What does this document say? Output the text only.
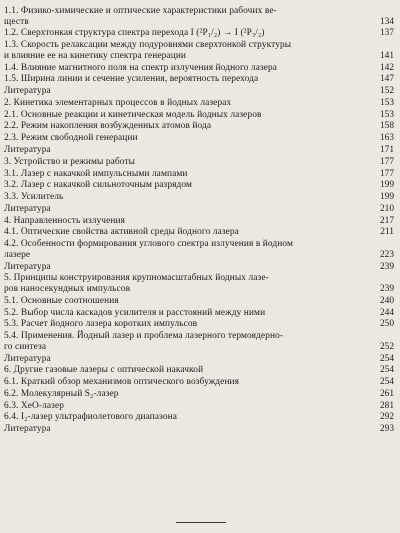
1.1. Физико-химические и оптические характеристики рабочих ве-
ществ	134
1.2. Сверхтонкая структура спектра перехода I (²P₁/₂) → I (²P₃/₂)	137
1.3. Скорость релаксации между подуровнями сверхтонкой структуры
и влияние ее на кинетику спектра генерации	141
1.4. Влияние магнитного поля на спектр излучения йодного лазера	142
1.5. Ширина линии и сечение усиления, вероятность перехода	147
Литература	152
2. Кинетика элементарных процессов в йодных лазерах	153
2.1. Основные реакции и кинетическая модель йодных лазеров	153
2.2. Режим накопления возбужденных атомов йода	158
2.3. Режим свободной генерации	163
Литература	171
3. Устройство и режимы работы	177
3.1. Лазер с накачкой импульсными лампами	177
3.2. Лазер с накачкой сильноточным разрядом	199
3.3. Усилитель	199
Литература	210
4. Направленность излучения	217
4.1. Оптические свойства активной среды йодного лазера	211
4.2. Особенности формирования углового спектра излучения в йодном
лазере	223
Литература	239
5. Принципы конструирования крупномасштабных йодных лазе-
ров наносекундных импульсов	239
5.1. Основные соотношения	240
5.2. Выбор числа каскадов усилителя и расстояний между ними	244
5.3. Расчет йодного лазера коротких импульсов	250
5.4. Применения. Йодный лазер и проблема лазерного термоядерно-
го синтеза	252
Литература	254
6. Другие газовые лазеры с оптической накачкой	254
6.1. Краткий обзор механизмов оптического возбуждения	254
6.2. Молекулярный S₂-лазер	261
6.3. XeO-лазер	281
6.4. I₂-лазер ультрафиолетового диапазона	292
Литература	293
